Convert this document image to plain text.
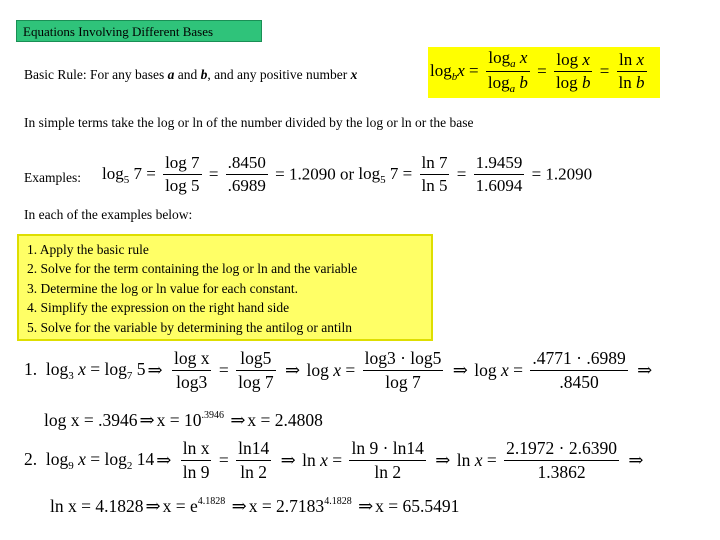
Equations Involving Different Bases
Basic Rule: For any bases a and b, and any positive number x	$\log_bx = \frac{\log_a x}{\log_a b} = \frac{\text{log x}}{\text{log b}} = \frac{\text{ln x}}{\text{ln b}}$
In simple terms take the log or ln of the number divided by the log or ln or the base
Examples: $\log_5 7 = \frac{\log 7}{\log 5} = \frac{.8450}{.6989} = 1.2090$ or $\log_5 7 = \frac{\ln 7}{\ln 5} = \frac{1.9459}{1.6094} = 1.2090$
In each of the examples below:
1. Apply the basic rule
2. Solve for the term containing the log or ln and the variable
3. Determine the log or ln value for each constant.
4. Simplify the expression on the right hand side
5. Solve for the variable by determining the antilog or antiln
1.  $\log_3 x = \log_7 5$ ⇒ $\frac{\text{log x}}{\log 3} = \frac{\log 5}{\log 7}$ ⇒ $\log x = \frac{\log 3 \cdot \log 5}{\log 7}$ ⇒ $\log x = \frac{.4771 \cdot .6989}{.8450}$ ⇒
log x = .3946 ⇒ $x = 10^{.3946}$ ⇒ x = 2.4808
2.  $\log_9 x = \log_2 14$ ⇒ $\frac{\text{ln x}}{\ln 9} = \frac{\ln 14}{\ln 2}$ ⇒ $\ln x = \frac{\ln 9 \cdot \ln 14}{\ln 2}$ ⇒ $\ln x = \frac{2.1972 \cdot 2.6390}{1.3862}$ ⇒
ln x = 4.1828 ⇒ $x = e^{4.1828}$ ⇒ $x = 2.7183^{4.1828}$ ⇒ x = 65.5491
